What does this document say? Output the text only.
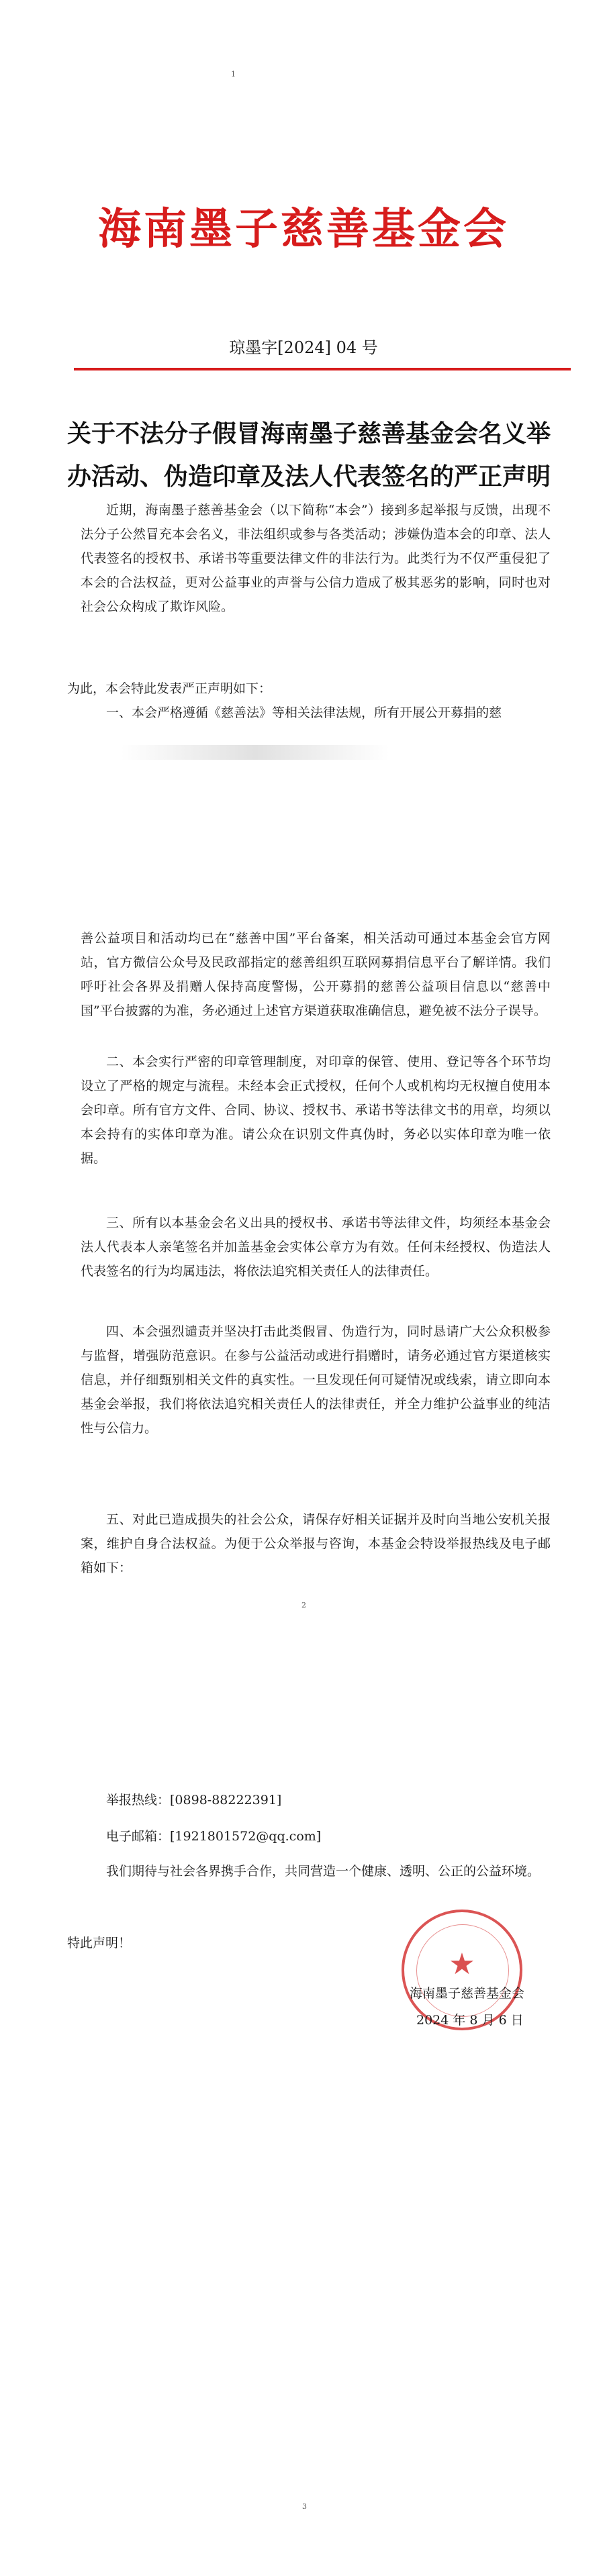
1
海南墨子慈善基金会
琼墨字[2024] 04 号
关于不法分子假冒海南墨子慈善基金会名义举
办活动、伪造印章及法人代表签名的严正声明

近期，海南墨子慈善基金会（以下简称“本会”）接到多起举报与反馈，出现不法分子公然冒充本会名义，非法组织或参与各类活动；涉嫌伪造本会的印章、法人代表签名的授权书、承诺书等重要法律文件的非法行为。此类行为不仅严重侵犯了本会的合法权益，更对公益事业的声誉与公信力造成了极其恶劣的影响，同时也对社会公众构成了欺诈风险。

为此，本会特此发表严正声明如下：

一、本会严格遵循《慈善法》等相关法律法规，所有开展公开募捐的慈

善公益项目和活动均已在“慈善中国”平台备案，相关活动可通过本基金会官方网站，官方微信公众号及民政部指定的慈善组织互联网募捐信息平台了解详情。我们呼吁社会各界及捐赠人保持高度警惕，公开募捐的慈善公益项目信息以“慈善中国”平台披露的为准，务必通过上述官方渠道获取准确信息，避免被不法分子误导。

二、本会实行严密的印章管理制度，对印章的保管、使用、登记等各个环节均设立了严格的规定与流程。未经本会正式授权，任何个人或机构均无权擅自使用本会印章。所有官方文件、合同、协议、授权书、承诺书等法律文书的用章，均须以本会持有的实体印章为准。请公众在识别文件真伪时，务必以实体印章为唯一依据。

三、所有以本基金会名义出具的授权书、承诺书等法律文件，均须经本基金会法人代表本人亲笔签名并加盖基金会实体公章方为有效。任何未经授权、伪造法人代表签名的行为均属违法，将依法追究相关责任人的法律责任。

四、本会强烈谴责并坚决打击此类假冒、伪造行为，同时恳请广大公众积极参与监督，增强防范意识。在参与公益活动或进行捐赠时，请务必通过官方渠道核实信息，并仔细甄别相关文件的真实性。一旦发现任何可疑情况或线索，请立即向本基金会举报，我们将依法追究相关责任人的法律责任，并全力维护公益事业的纯洁性与公信力。

五、对此已造成损失的社会公众，请保存好相关证据并及时向当地公安机关报案，维护自身合法权益。为便于公众举报与咨询，本基金会特设举报热线及电子邮箱如下：

2
举报热线：[0898-88222391]
电子邮箱：[1921801572@qq.com]

我们期待与社会各界携手合作，共同营造一个健康、透明、公正的公益环境。

特此声明！

★
海南墨子慈善基金会
2024 年 8 月 6 日
3
